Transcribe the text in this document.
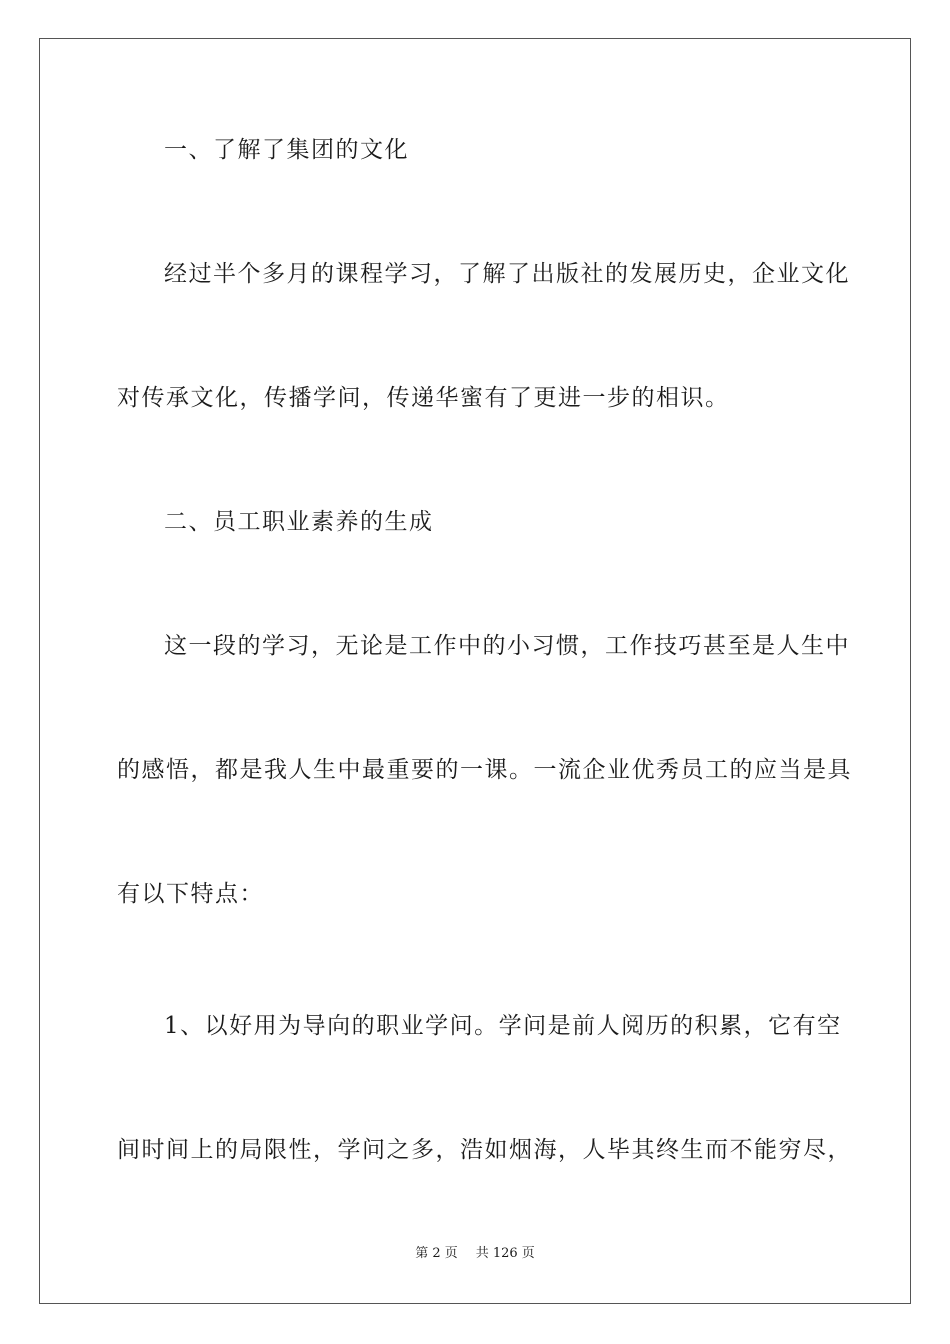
一、了解了集团的文化
经过半个多月的课程学习，了解了出版社的发展历史，企业文化
对传承文化，传播学问，传递华蜜有了更进一步的相识。
二、员工职业素养的生成
这一段的学习，无论是工作中的小习惯，工作技巧甚至是人生中
的感悟，都是我人生中最重要的一课。一流企业优秀员工的应当是具
有以下特点：
1、以好用为导向的职业学问。学问是前人阅历的积累，它有空
间时间上的局限性，学问之多，浩如烟海，人毕其终生而不能穷尽，
第 2 页 共 126 页
